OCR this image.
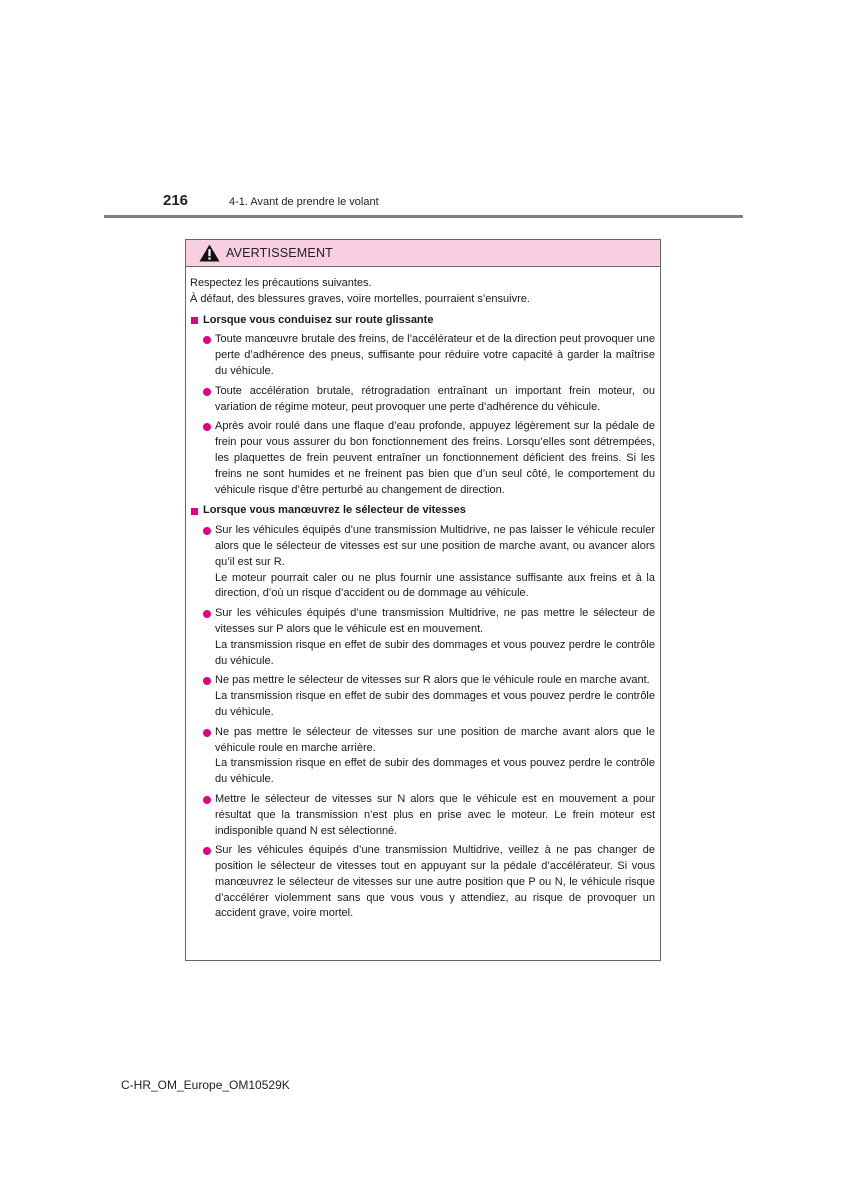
216	4-1. Avant de prendre le volant
AVERTISSEMENT

Respectez les précautions suivantes.

À défaut, des blessures graves, voire mortelles, pourraient s’ensuivre.

Lorsque vous conduisez sur route glissante
Toute manœuvre brutale des freins, de l’accélérateur et de la direction peut provoquer une perte d’adhérence des pneus, suffisante pour réduire votre capacité à garder la maîtrise du véhicule.
Toute accélération brutale, rétrogradation entraînant un important frein moteur, ou variation de régime moteur, peut provoquer une perte d’adhérence du véhicule.
Après avoir roulé dans une flaque d’eau profonde, appuyez légèrement sur la pédale de frein pour vous assurer du bon fonctionnement des freins. Lorsqu’elles sont détrempées, les plaquettes de frein peuvent entraîner un fonctionnement déficient des freins. Si les freins ne sont humides et ne freinent pas bien que d’un seul côté, le comportement du véhicule risque d’être perturbé au changement de direction.
Lorsque vous manœuvrez le sélecteur de vitesses
Sur les véhicules équipés d’une transmission Multidrive, ne pas laisser le véhicule reculer alors que le sélecteur de vitesses est sur une position de marche avant, ou avancer alors qu’il est sur R.
Le moteur pourrait caler ou ne plus fournir une assistance suffisante aux freins et à la direction, d’où un risque d’accident ou de dommage au véhicule.
Sur les véhicules équipés d’une transmission Multidrive, ne pas mettre le sélecteur de vitesses sur P alors que le véhicule est en mouvement.
La transmission risque en effet de subir des dommages et vous pouvez perdre le contrôle du véhicule.
Ne pas mettre le sélecteur de vitesses sur R alors que le véhicule roule en marche avant.
La transmission risque en effet de subir des dommages et vous pouvez perdre le contrôle du véhicule.
Ne pas mettre le sélecteur de vitesses sur une position de marche avant alors que le véhicule roule en marche arrière.
La transmission risque en effet de subir des dommages et vous pouvez perdre le contrôle du véhicule.
Mettre le sélecteur de vitesses sur N alors que le véhicule est en mouvement a pour résultat que la transmission n’est plus en prise avec le moteur. Le frein moteur est indisponible quand N est sélectionné.
Sur les véhicules équipés d’une transmission Multidrive, veillez à ne pas changer de position le sélecteur de vitesses tout en appuyant sur la pédale d’accélérateur. Si vous manœuvrez le sélecteur de vitesses sur une autre position que P ou N, le véhicule risque d’accélérer violemment sans que vous vous y attendiez, au risque de provoquer un accident grave, voire mortel.
C-HR_OM_Europe_OM10529K
